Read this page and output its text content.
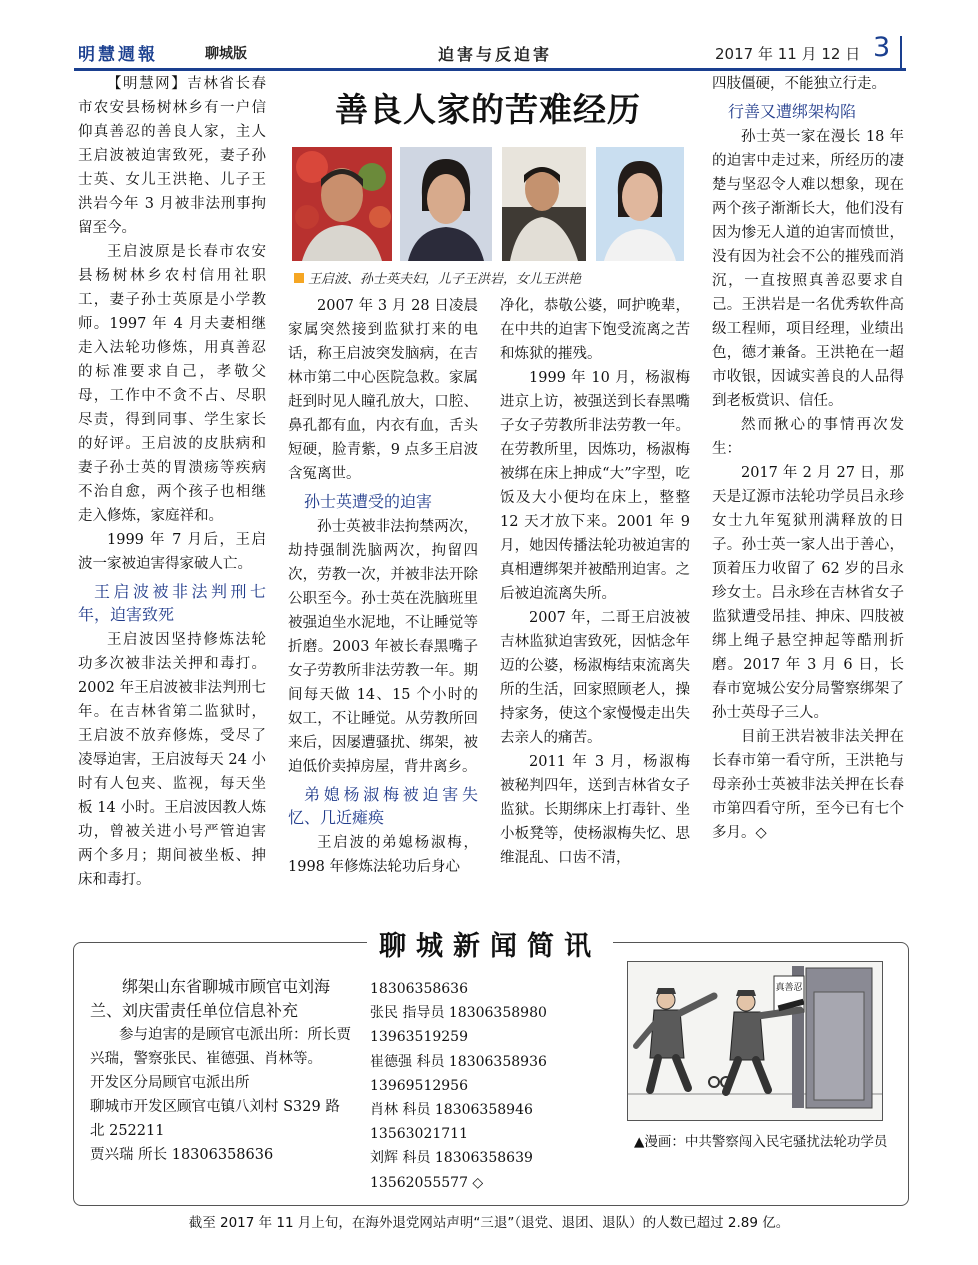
明慧週報	聊城版	迫害与反迫害	2017 年 11 月 12 日 3

【明慧网】吉林省长春市农安县杨树林乡有一户信仰真善忍的善良人家，主人王启波被迫害致死，妻子孙士英、女儿王洪艳、儿子王洪岩今年 3 月被非法刑事拘留至今。

王启波原是长春市农安县杨树林乡农村信用社职工，妻子孙士英原是小学教师。1997 年 4 月夫妻相继走入法轮功修炼，用真善忍的标准要求自己，孝敬父母，工作中不贪不占、尽职尽责，得到同事、学生家长的好评。王启波的皮肤病和妻子孙士英的胃溃疡等疾病不治自愈，两个孩子也相继走入修炼，家庭祥和。

1999 年 7 月后，王启波一家被迫害得家破人亡。

王启波被非法判刑七年，迫害致死

王启波因坚持修炼法轮功多次被非法关押和毒打。2002 年王启波被非法判刑七年。在吉林省第二监狱时，王启波不放弃修炼，受尽了凌辱迫害，王启波每天 24 小时有人包夹、监视，每天坐板 14 小时。王启波因教人炼功，曾被关进小号严管迫害两个多月；期间被坐板、抻床和毒打。

善良人家的苦难经历
王启波、孙士英夫妇，儿子王洪岩，女儿王洪艳

2007 年 3 月 28 日凌晨家属突然接到监狱打来的电话，称王启波突发脑病，在吉林市第二中心医院急救。家属赶到时见人瞳孔放大，口腔、鼻孔都有血，内衣有血，舌头短硬，脸青紫，9 点多王启波含冤离世。

孙士英遭受的迫害

孙士英被非法拘禁两次，劫持强制洗脑两次，拘留四次，劳教一次，并被非法开除公职至今。孙士英在洗脑班里被强迫坐水泥地，不让睡觉等折磨。2003 年被长春黑嘴子女子劳教所非法劳教一年。期间每天做 14、15 个小时的奴工，不让睡觉。从劳教所回来后，因屡遭骚扰、绑架，被迫低价卖掉房屋，背井离乡。

弟媳杨淑梅被迫害失忆、几近瘫痪

王启波的弟媳杨淑梅，1998 年修炼法轮功后身心

净化，恭敬公婆，呵护晚辈，在中共的迫害下饱受流离之苦和炼狱的摧残。

1999 年 10 月，杨淑梅进京上访，被强送到长春黑嘴子女子劳教所非法劳教一年。在劳教所里，因炼功，杨淑梅被绑在床上抻成“大”字型，吃饭及大小便均在床上，整整 12 天才放下来。2001 年 9 月，她因传播法轮功被迫害的真相遭绑架并被酷刑迫害。之后被迫流离失所。

2007 年，二哥王启波被吉林监狱迫害致死，因惦念年迈的公婆，杨淑梅结束流离失所的生活，回家照顾老人，操持家务，使这个家慢慢走出失去亲人的痛苦。

2011 年 3 月，杨淑梅被秘判四年，送到吉林省女子监狱。长期绑床上打毒针、坐小板凳等，使杨淑梅失忆、思维混乱、口齿不清，

四肢僵硬，不能独立行走。

行善又遭绑架构陷

孙士英一家在漫长 18 年的迫害中走过来，所经历的凄楚与坚忍令人难以想象，现在两个孩子渐渐长大，他们没有因为惨无人道的迫害而愤世，没有因为社会不公的摧残而消沉，一直按照真善忍要求自己。王洪岩是一名优秀软件高级工程师，项目经理，业绩出色，德才兼备。王洪艳在一超市收银，因诚实善良的人品得到老板赏识、信任。

然而揪心的事情再次发生：

2017 年 2 月 27 日，那天是辽源市法轮功学员吕永珍女士九年冤狱刑满释放的日子。孙士英一家人出于善心，顶着压力收留了 62 岁的吕永珍女士。吕永珍在吉林省女子监狱遭受吊挂、抻床、四肢被绑上绳子悬空抻起等酷刑折磨。2017 年 3 月 6 日，长春市宽城公安分局警察绑架了孙士英母子三人。

目前王洪岩被非法关押在长春市第一看守所，王洪艳与母亲孙士英被非法关押在长春市第四看守所，至今已有七个多月。◇

聊城新闻简讯

绑架山东省聊城市顾官屯刘海兰、刘庆雷责任单位信息补充

参与迫害的是顾官屯派出所：所长贾兴瑞，警察张民、崔德强、肖林等。

开发区分局顾官屯派出所

聊城市开发区顾官屯镇八刘村 S329 路北 252211

贾兴瑞 所长 18306358636

18306358636
张民 指导员 18306358980
13963519259
崔德强 科员 18306358936
13969512956
肖林 科员 18306358946
13563021711
刘辉 科员 18306358639
13562055577 ◇
真善忍
▲漫画：中共警察闯入民宅骚扰法轮功学员
截至 2017 年 11 月上旬，在海外退党网站声明“三退”（退党、退团、退队）的人数已超过 2.89 亿。
